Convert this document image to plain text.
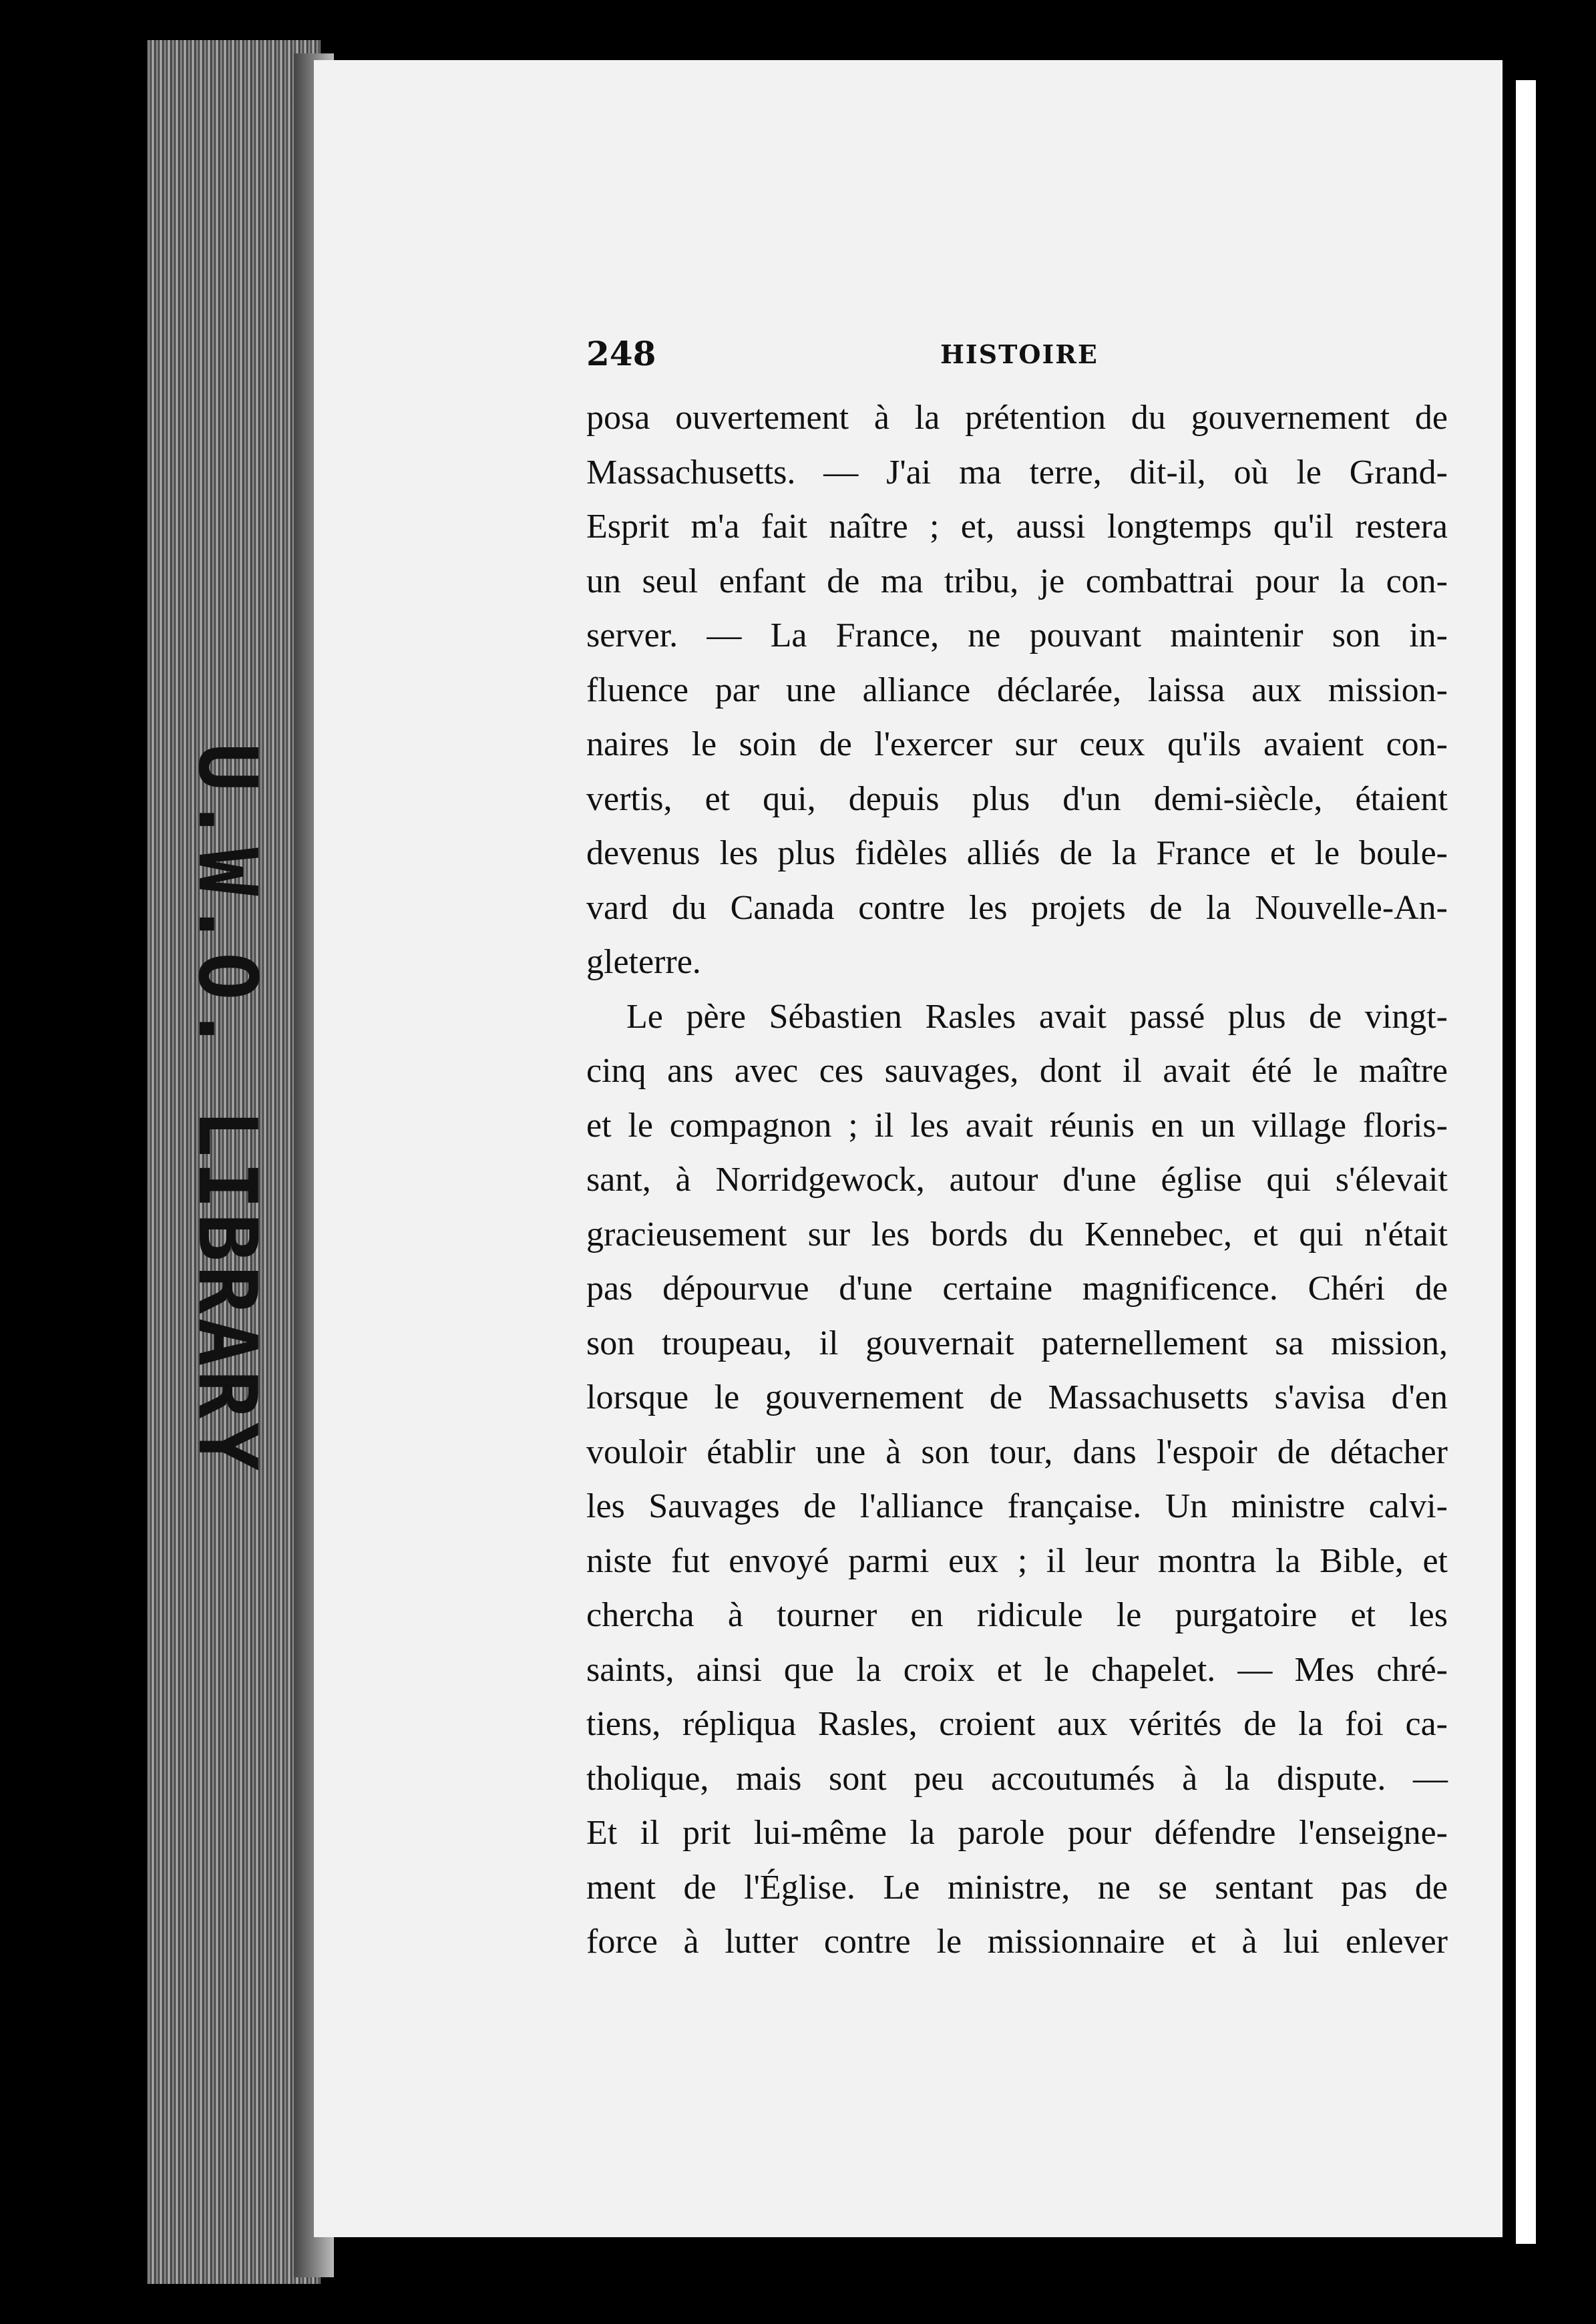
U.W.O. LIBRARY
248	HISTOIRE
posa ouvertement à la prétention du gouvernement de
Massachusetts. — J'ai ma terre, dit-il, où le Grand-
Esprit m'a fait naître ; et, aussi longtemps qu'il restera
un seul enfant de ma tribu, je combattrai pour la con-
server. — La France, ne pouvant maintenir son in-
fluence par une alliance déclarée, laissa aux mission-
naires le soin de l'exercer sur ceux qu'ils avaient con-
vertis, et qui, depuis plus d'un demi-siècle, étaient
devenus les plus fidèles alliés de la France et le boule-
vard du Canada contre les projets de la Nouvelle-An-
gleterre.
Le père Sébastien Rasles avait passé plus de vingt-
cinq ans avec ces sauvages, dont il avait été le maître
et le compagnon ; il les avait réunis en un village floris-
sant, à Norridgewock, autour d'une église qui s'élevait
gracieusement sur les bords du Kennebec, et qui n'était
pas dépourvue d'une certaine magnificence. Chéri de
son troupeau, il gouvernait paternellement sa mission,
lorsque le gouvernement de Massachusetts s'avisa d'en
vouloir établir une à son tour, dans l'espoir de détacher
les Sauvages de l'alliance française. Un ministre calvi-
niste fut envoyé parmi eux ; il leur montra la Bible, et
chercha à tourner en ridicule le purgatoire et les
saints, ainsi que la croix et le chapelet. — Mes chré-
tiens, répliqua Rasles, croient aux vérités de la foi ca-
tholique, mais sont peu accoutumés à la dispute. —
Et il prit lui-même la parole pour défendre l'enseigne-
ment de l'Église. Le ministre, ne se sentant pas de
force à lutter contre le missionnaire et à lui enlever
